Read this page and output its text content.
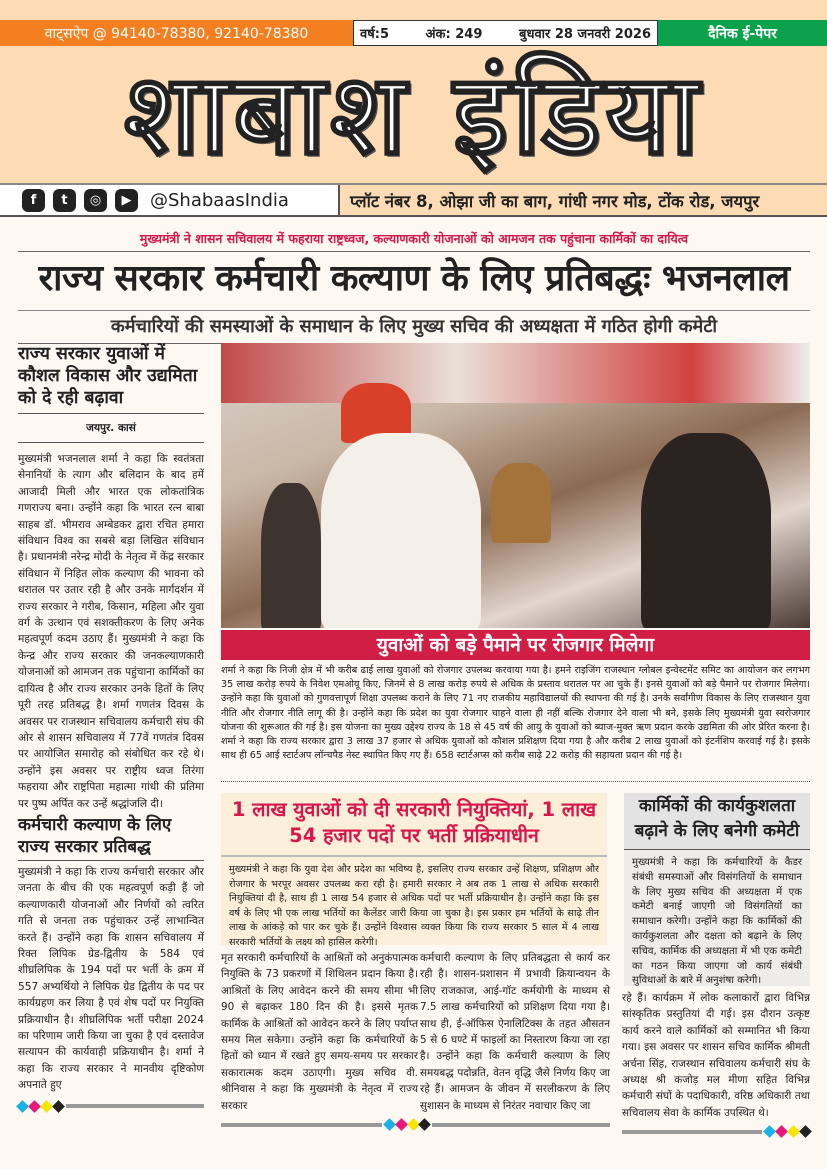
वाट्सऐप @ 94140-78380, 92140-78380	वर्ष:5	अंक: 249	बुधवार 28 जनवरी 2026	दैनिक ई-पेपर
शाबाश इंडिया
f	t	◎	▶	@ShabaasIndia	प्लॉट नंबर 8, ओझा जी का बाग, गांधी नगर मोड, टोंक रोड, जयपुर
मुख्यमंत्री ने शासन सचिवालय में फहराया राष्ट्रध्वज, कल्याणकारी योजनाओं को आमजन तक पहुंचाना कार्मिकों का दायित्व
राज्य सरकार कर्मचारी कल्याण के लिए प्रतिबद्धः भजनलाल
कर्मचारियों की समस्याओं के समाधान के लिए मुख्य सचिव की अध्यक्षता में गठित होगी कमेटी
राज्य सरकार युवाओं में कौशल विकास और उद्यमिता को दे रही बढ़ावा
जयपुर. कासं

मुख्यमंत्री भजनलाल शर्मा ने कहा कि स्वतंत्रता सेनानियों के त्याग और बलिदान के बाद हमें आजादी मिली और भारत एक लोकतांत्रिक गणराज्य बना। उन्होंने कहा कि भारत रत्न बाबा साहब डॉ. भीमराव अम्बेडकर द्वारा रचित हमारा संविधान विश्व का सबसे बड़ा लिखित संविधान है। प्रधानमंत्री नरेन्द्र मोदी के नेतृत्व में केंद्र सरकार संविधान में निहित लोक कल्याण की भावना को धरातल पर उतार रही है और उनके मार्गदर्शन में राज्य सरकार ने गरीब, किसान, महिला और युवा वर्ग के उत्थान एवं सशक्तीकरण के लिए अनेक महत्वपूर्ण कदम उठाए हैं। मुख्यमंत्री ने कहा कि केन्द्र और राज्य सरकार की जनकल्याणकारी योजनाओं को आमजन तक पहुंचाना कार्मिकों का दायित्व है और राज्य सरकार उनके हितों के लिए पूरी तरह प्रतिबद्ध है। शर्मा गणतंत्र दिवस के अवसर पर राजस्थान सचिवालय कर्मचारी संघ की ओर से शासन सचिवालय में 77वें गणतंत्र दिवस पर आयोजित समारोह को संबोधित कर रहे थे। उन्होंने इस अवसर पर राष्ट्रीय ध्वज तिरंगा फहराया और राष्ट्रपिता महात्मा गांधी की प्रतिमा पर पुष्प अर्पित कर उन्हें श्रद्धांजलि दी।

कर्मचारी कल्याण के लिए राज्य सरकार प्रतिबद्ध

मुख्यमंत्री ने कहा कि राज्य कर्मचारी सरकार और जनता के बीच की एक महत्वपूर्ण कड़ी हैं जो कल्याणकारी योजनाओं और निर्णयों को त्वरित गति से जनता तक पहुंचाकर उन्हें लाभान्वित करते हैं। उन्होंने कहा कि शासन सचिवालय में रिक्त लिपिक ग्रेड-द्वितीय के 584 एवं शीघ्रलिपिक के 194 पदों पर भर्ती के क्रम में 557 अभ्यर्थियो ने लिपिक ग्रेड द्वितीय के पद पर कार्यग्रहण कर लिया है एवं शेष पदों पर नियुक्ति प्रक्रियाधीन है। शीघ्रलिपिक भर्ती परीक्षा 2024 का परिणाम जारी किया जा चुका है एवं दस्तावेज सत्यापन की कार्यवाही प्रक्रियाधीन है। शर्मा ने कहा कि राज्य सरकार ने मानवीय दृष्टिकोण अपनाते हुए

युवाओं को बड़े पैमाने पर रोजगार मिलेगा

शर्मा ने कहा कि निजी क्षेत्र में भी करीब ढाई लाख युवाओं को रोजगार उपलब्ध करवाया गया है। हमने राइजिंग राजस्थान ग्लोबल इन्वेस्टमेंट समिट का आयोजन कर लगभग 35 लाख करोड़ रुपये के निवेश एमओयू किए, जिनमें से 8 लाख करोड़ रुपये से अधिक के प्रस्ताव धरातल पर आ चुके हैं। इनसे युवाओं को बड़े पैमाने पर रोजगार मिलेगा। उन्होंने कहा कि युवाओं को गुणवत्तापूर्ण शिक्षा उपलब्ध कराने के लिए 71 नए राजकीय महाविद्यालयों की स्थापना की गई है। उनके सर्वांगीण विकास के लिए राजस्थान युवा नीति और रोजगार नीति लागू की है। उन्होंने कहा कि प्रदेश का युवा रोजगार चाहने वाला ही नहीं बल्कि रोजगार देने वाला भी बने, इसके लिए मुख्यमंत्री युवा स्वरोजगार योजना की शुरूआत की गई है। इस योजना का मुख्य उद्देश्य राज्य के 18 से 45 वर्ष की आयु के युवाओं को ब्याज-मुक्त ऋण प्रदान करके उद्यमिता की ओर प्रेरित करना है। शर्मा ने कहा कि राज्य सरकार द्वारा 3 लाख 37 हजार से अधिक युवाओं को कौशल प्रशिक्षण दिया गया है और करीब 2 लाख युवाओं को इंटर्नशिप करवाई गई है। इसके साथ ही 65 आई स्टार्टअप लॉन्चपैड नेस्ट स्थापित किए गए हैं। 658 स्टार्टअप्स को करीब साढ़े 22 करोड़ की सहायता प्रदान की गई है।

1 लाख युवाओं को दी सरकारी नियुक्तियां, 1 लाख 54 हजार पदों पर भर्ती प्रक्रियाधीन

मुख्यमंत्री ने कहा कि युवा देश और प्रदेश का भविष्य है, इसलिए राज्य सरकार उन्हें शिक्षण, प्रशिक्षण और रोजगार के भरपूर अवसर उपलब्ध करा रही है। हमारी सरकार ने अब तक 1 लाख से अधिक सरकारी नियुक्तियां दी है, साथ ही 1 लाख 54 हजार से अधिक पदों पर भर्ती प्रक्रियाधीन है। उन्होंने कहा कि इस वर्ष के लिए भी एक लाख भर्तियों का कैलेंडर जारी किया जा चुका है। इस प्रकार हम भर्तियों के साढ़े तीन लाख के आंकड़े को पार कर चुके हैं। उन्होंने विश्वास व्यक्त किया कि राज्य सरकार 5 साल में 4 लाख सरकारी भर्तियों के लक्ष्य को हासिल करेगी।

कार्मिकों की कार्यकुशलता बढ़ाने के लिए बनेगी कमेटी

मुख्यमंत्री ने कहा कि कर्मचारियों के कैडर संबंधी समस्याओं और विसंगतियों के समाधान के लिए मुख्य सचिव की अध्यक्षता में एक कमेटी बनाई जाएगी जो विसंगतियों का समाधान करेगी। उन्होंने कहा कि कार्मिकों की कार्यकुशलता और दक्षता को बढ़ाने के लिए सचिव, कार्मिक की अध्यक्षता में भी एक कमेटी का गठन किया जाएगा जो कार्य संबंधी सुविधाओं के बारे में अनुशंषा करेगी।

मृत सरकारी कर्मचारियों के आश्रितों को अनुकंपात्मक नियुक्ति के 73 प्रकरणों में शिथिलन प्रदान किया है। आश्रितों के लिए आवेदन करने की समय सीमा भी 90 से बढ़ाकर 180 दिन की है। इससे मृतक कार्मिक के आश्रितों को आवेदन करने के लिए पर्याप्त समय मिल सकेगा। उन्होंने कहा कि कर्मचारियों के हितों को ध्यान में रखते हुए समय-समय पर सरकार सकारात्मक कदम उठाएगी। मुख्य सचिव वी. श्रीनिवास ने कहा कि मुख्यमंत्री के नेतृत्व में राज्य सरकार

कर्मचारी कल्याण के लिए प्रतिबद्धता से कार्य कर रही है। शासन-प्रशासन में प्रभावी क्रियान्वयन के लिए राजकाज, आई-गॉट कर्मयोगी के माध्यम से 7.5 लाख कर्मचारियों को प्रशिक्षण दिया गया है। साथ ही, ई-ऑफिस ऐनालिटिक्स के तहत औसतन 5 से 6 घण्टे में फाइलों का निस्तारण किया जा रहा है। उन्होंने कहा कि कर्मचारी कल्याण के लिए समयबद्ध पदोन्नति, वेतन वृद्धि जैसे निर्णय किए जा रहे हैं। आमजन के जीवन में सरलीकरण के लिए सुशासन के माध्यम से निरंतर नवाचार किए जा

रहे हैं। कार्यक्रम में लोक कलाकारों द्वारा विभिन्न सांस्कृतिक प्रस्तुतियां दी गई। इस दौरान उत्कृष्ट कार्य करने वाले कार्मिकों को सम्मानित भी किया गया। इस अवसर पर शासन सचिव कार्मिक श्रीमती अर्चना सिंह, राजस्थान सचिवालय कर्मचारी संघ के अध्यक्ष श्री कजोड़ मल मीणा सहित विभिन्न कर्मचारी संघों के पदाधिकारी, वरिष्ठ अधिकारी तथा सचिवालय सेवा के कार्मिक उपस्थित थे।
